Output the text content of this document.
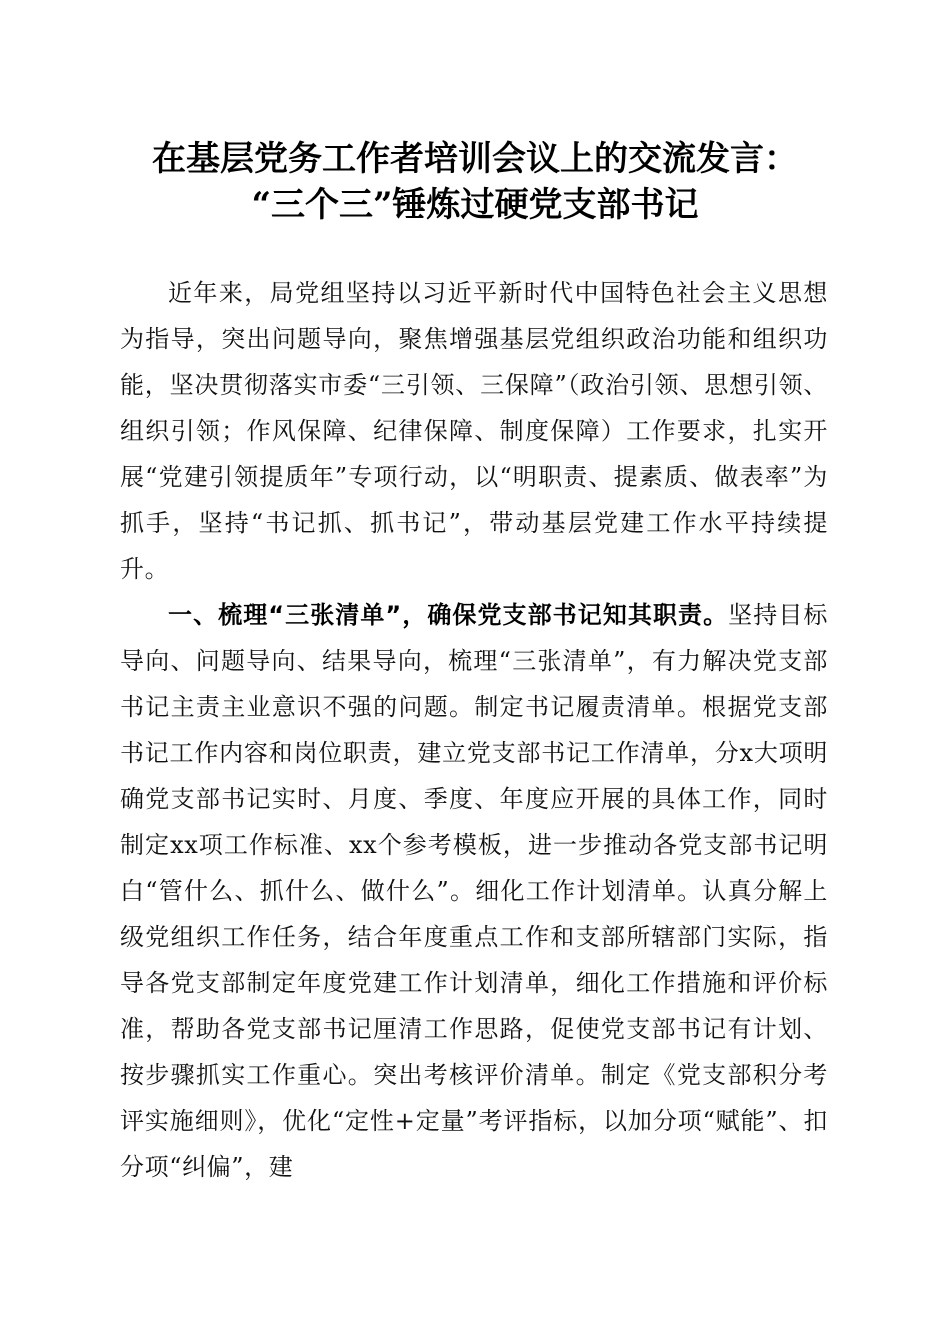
在基层党务工作者培训会议上的交流发言：
“三个三”锤炼过硬党支部书记

近年来，局党组坚持以习近平新时代中国特色社会主义思想为指导，突出问题导向，聚焦增强基层党组织政治功能和组织功能，坚决贯彻落实市委“三引领、三保障”（政治引领、思想引领、组织引领；作风保障、纪律保障、制度保障）工作要求，扎实开展“党建引领提质年”专项行动，以“明职责、提素质、做表率”为抓手，坚持“书记抓、抓书记”，带动基层党建工作水平持续提升。

一、梳理“三张清单”，确保党支部书记知其职责。坚持目标导向、问题导向、结果导向，梳理“三张清单”，有力解决党支部书记主责主业意识不强的问题。制定书记履责清单。根据党支部书记工作内容和岗位职责，建立党支部书记工作清单，分x大项明确党支部书记实时、月度、季度、年度应开展的具体工作，同时制定xx项工作标准、xx个参考模板，进一步推动各党支部书记明白“管什么、抓什么、做什么”。细化工作计划清单。认真分解上级党组织工作任务，结合年度重点工作和支部所辖部门实际，指导各党支部制定年度党建工作计划清单，细化工作措施和评价标准，帮助各党支部书记厘清工作思路，促使党支部书记有计划、按步骤抓实工作重心。突出考核评价清单。制定《党支部积分考评实施细则》，优化“定性+定量”考评指标，以加分项“赋能”、扣分项“纠偏”，建
